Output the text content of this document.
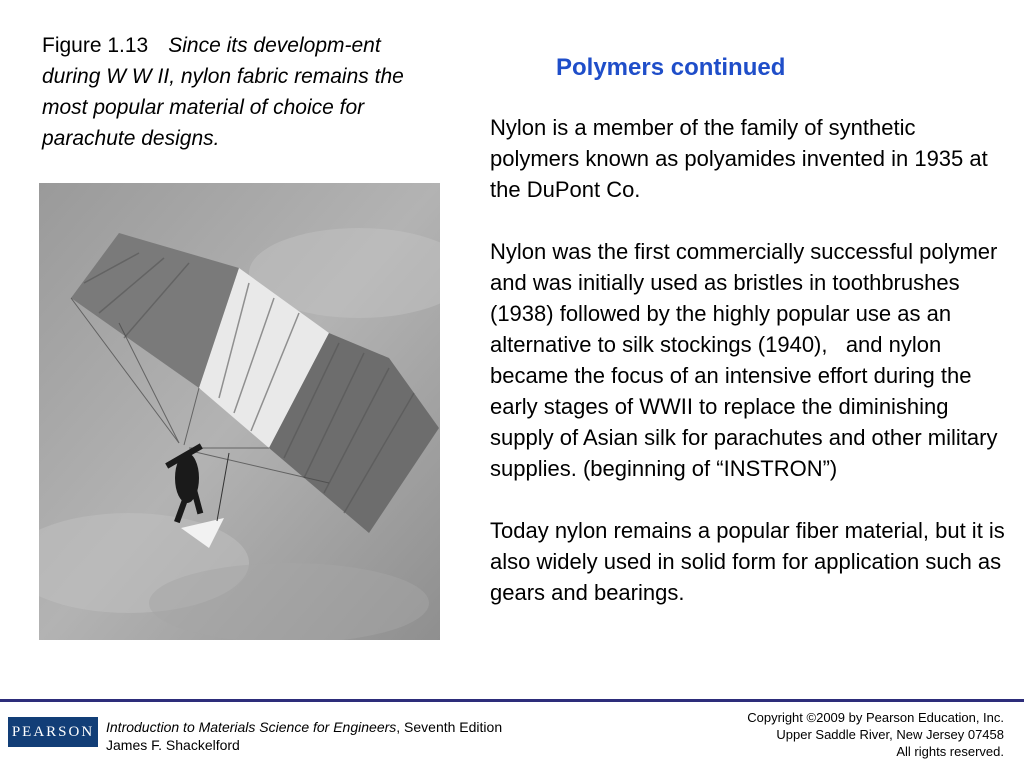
Figure 1.13 Since its developm-ent during W W II, nylon fabric remains the most popular material of choice for parachute designs.
Polymers continued

Nylon is a member of the family of synthetic polymers known as polyamides invented in 1935 at the DuPont Co.

Nylon was the first commercially successful polymer and was initially used as bristles in toothbrushes (1938) followed by the highly popular use as an alternative to silk stockings (1940),   and nylon became the focus of an intensive effort during the early stages of WWII to replace the diminishing supply of Asian silk for parachutes and other military supplies. (beginning of “INSTRON”)

Today nylon remains a popular fiber material, but it is also widely used in solid form for application such as gears and bearings.

PEARSON Introduction to Materials Science for Engineers, Seventh Edition
James F. Shackelford
Copyright ©2009 by Pearson Education, Inc.
Upper Saddle River, New Jersey 07458
All rights reserved.
